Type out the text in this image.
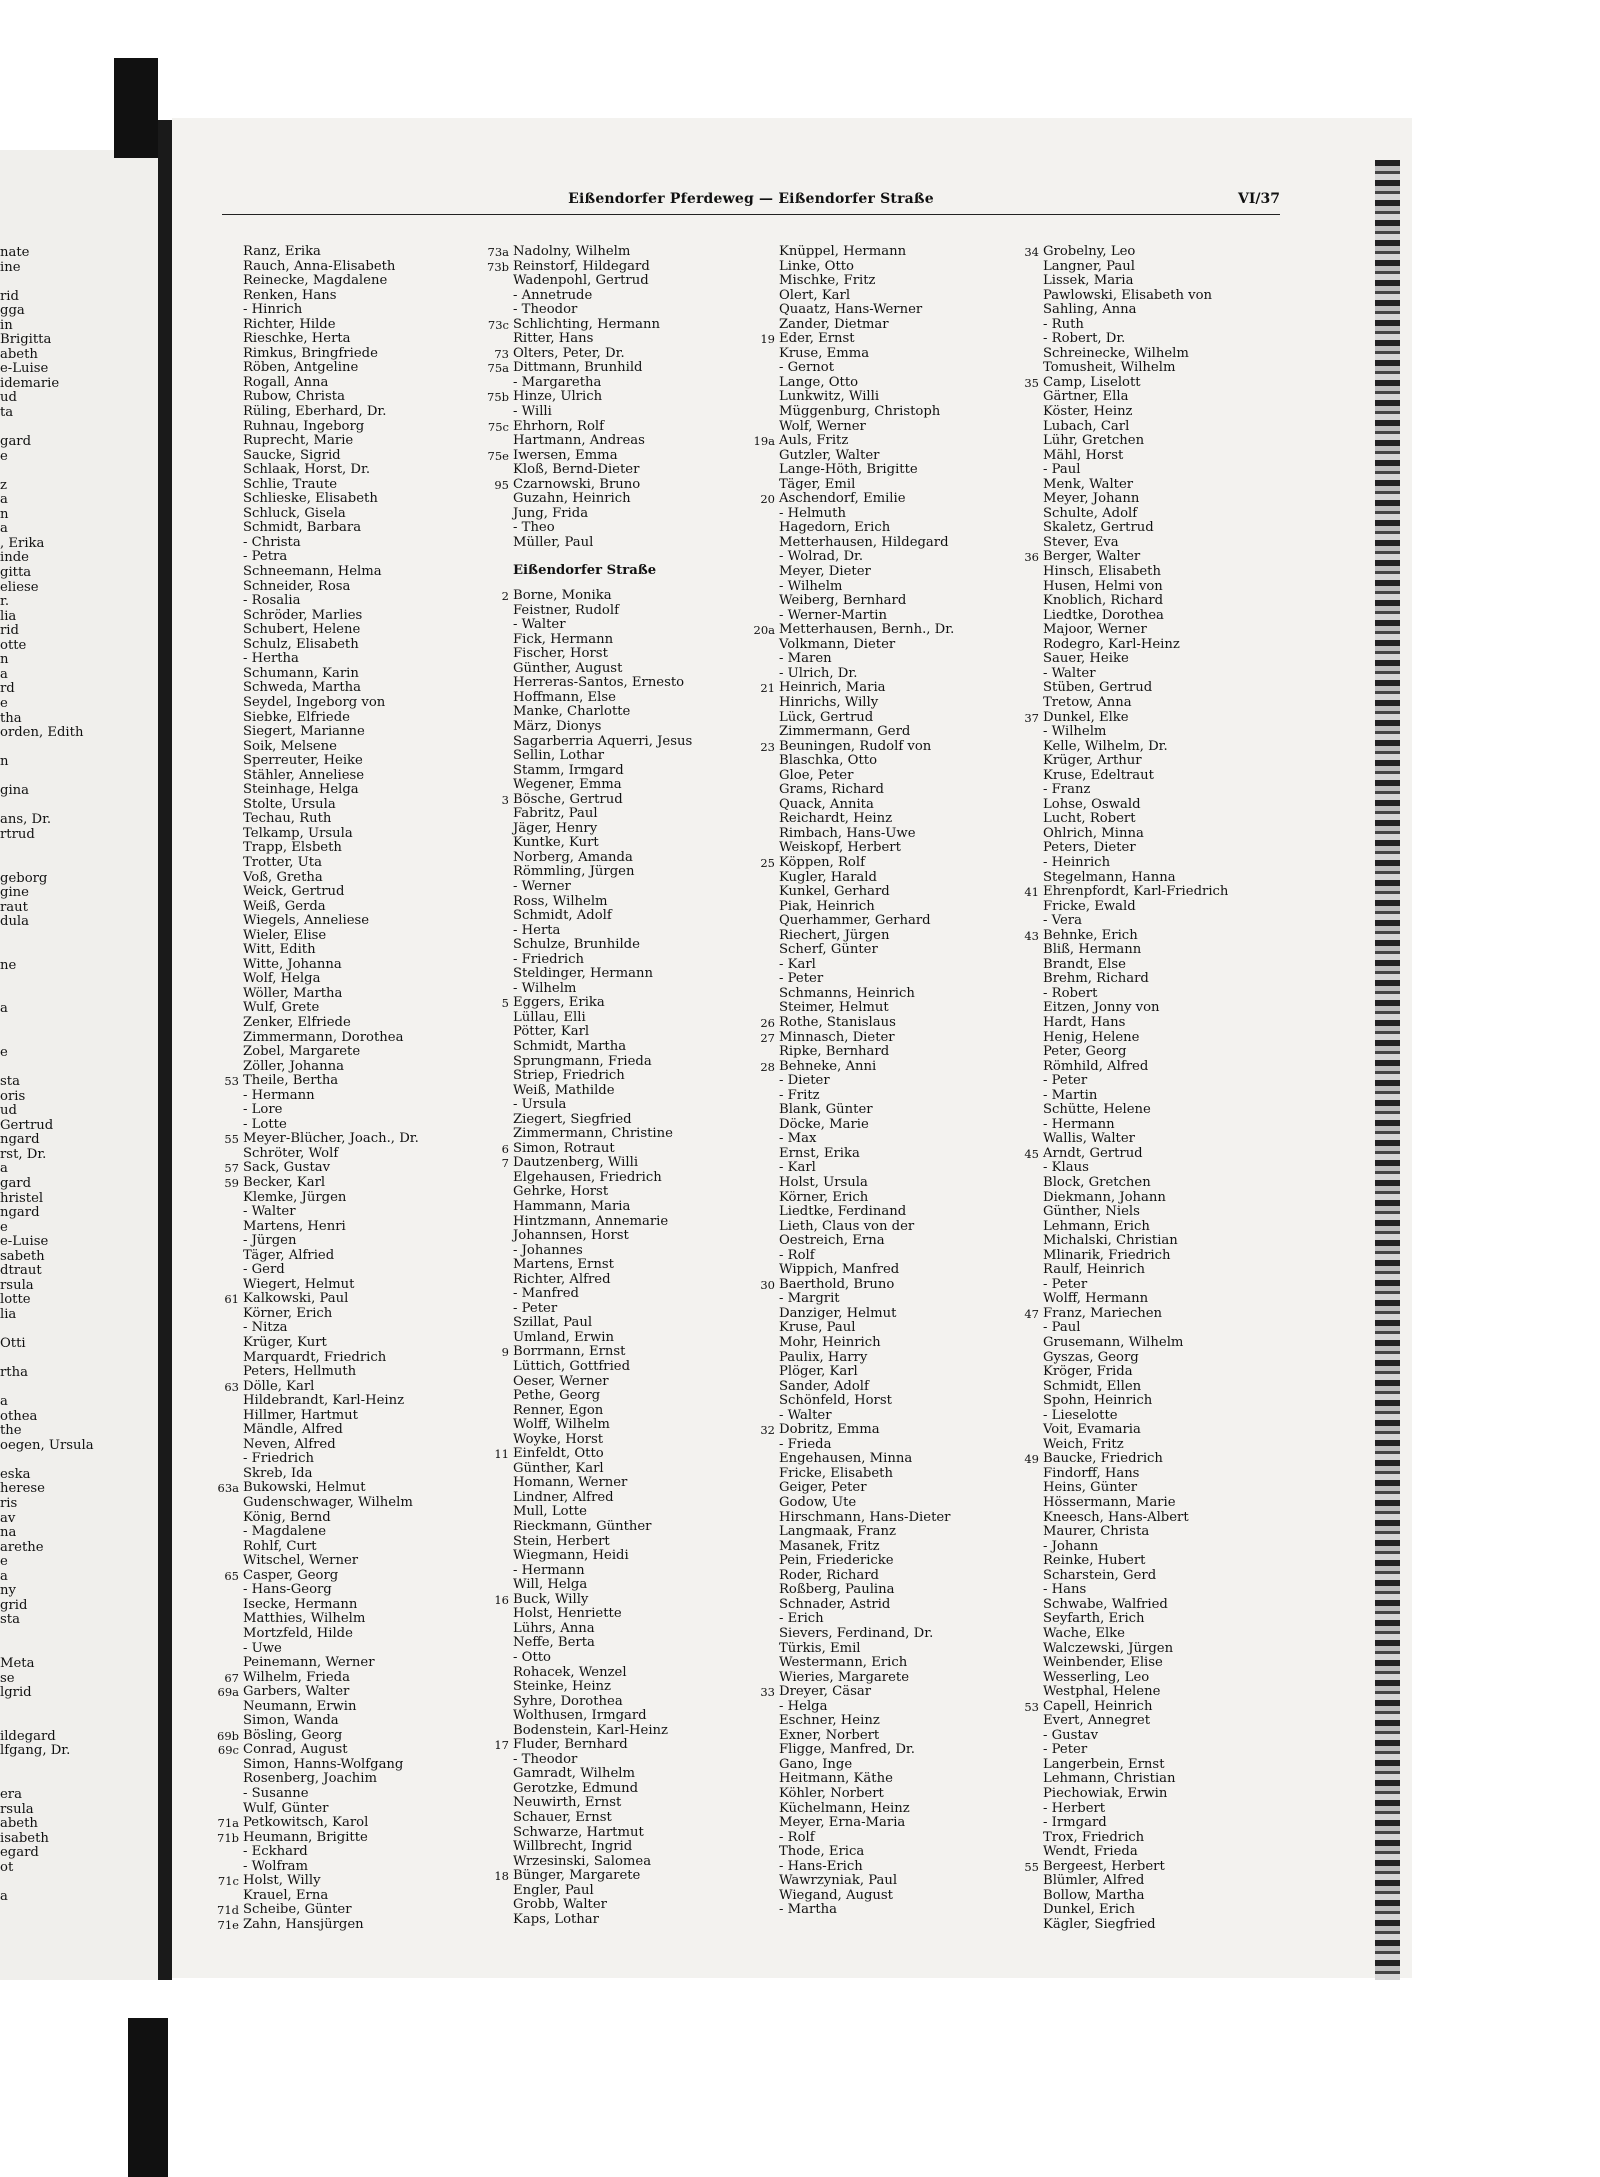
nate
ine

rid
gga
in
Brigitta
abeth
e-Luise
idemarie
ud
ta

gard
e

z
a
n
a
, Erika
inde
gitta
eliese
r.
lia
rid
otte
n
a
rd
e
tha
orden, Edith

n

gina

ans, Dr.
rtrud

geborg
gine
raut
dula

ne

a

e

sta
oris
ud
Gertrud
ngard
rst, Dr.
a
gard
hristel
ngard
e
e-Luise
sabeth
dtraut
rsula
lotte
lia

Otti

rtha

a
othea
the
oegen, Ursula

eska
herese
ris
av
na
arethe
e
a
ny
grid
sta

Meta
se
lgrid

ildegard
lfgang, Dr.

era
rsula
abeth
isabeth
egard
ot

a
Eißendorfer Pferdeweg — Eißendorfer Straße	VI/37
Ranz, Erika
Rauch, Anna-Elisabeth
Reinecke, Magdalene
Renken, Hans
- Hinrich
Richter, Hilde
Rieschke, Herta
Rimkus, Bringfriede
Röben, Antgeline
Rogall, Anna
Rubow, Christa
Rüling, Eberhard, Dr.
Ruhnau, Ingeborg
Ruprecht, Marie
Saucke, Sigrid
Schlaak, Horst, Dr.
Schlie, Traute
Schlieske, Elisabeth
Schluck, Gisela
Schmidt, Barbara
- Christa
- Petra
Schneemann, Helma
Schneider, Rosa
- Rosalia
Schröder, Marlies
Schubert, Helene
Schulz, Elisabeth
- Hertha
Schumann, Karin
Schweda, Martha
Seydel, Ingeborg von
Siebke, Elfriede
Siegert, Marianne
Soik, Melsene
Sperreuter, Heike
Stähler, Anneliese
Steinhage, Helga
Stolte, Ursula
Techau, Ruth
Telkamp, Ursula
Trapp, Elsbeth
Trotter, Uta
Voß, Gretha
Weick, Gertrud
Weiß, Gerda
Wiegels, Anneliese
Wieler, Elise
Witt, Edith
Witte, Johanna
Wolf, Helga
Wöller, Martha
Wulf, Grete
Zenker, Elfriede
Zimmermann, Dorothea
Zobel, Margarete
Zöller, Johanna
53 Theile, Bertha
- Hermann
- Lore
- Lotte
55 Meyer-Blücher, Joach., Dr.
Schröter, Wolf
57 Sack, Gustav
59 Becker, Karl
Klemke, Jürgen
- Walter
Martens, Henri
- Jürgen
Täger, Alfried
- Gerd
Wiegert, Helmut
61 Kalkowski, Paul
Körner, Erich
- Nitza
Krüger, Kurt
Marquardt, Friedrich
Peters, Hellmuth
63 Dölle, Karl
Hildebrandt, Karl-Heinz
Hillmer, Hartmut
Mändle, Alfred
Neven, Alfred
- Friedrich
Skreb, Ida
63a Bukowski, Helmut
Gudenschwager, Wilhelm
König, Bernd
- Magdalene
Rohlf, Curt
Witschel, Werner
65 Casper, Georg
- Hans-Georg
Isecke, Hermann
Matthies, Wilhelm
Mortzfeld, Hilde
- Uwe
Peinemann, Werner
67 Wilhelm, Frieda
69a Garbers, Walter
Neumann, Erwin
Simon, Wanda
69b Bösling, Georg
69c Conrad, August
Simon, Hanns-Wolfgang
Rosenberg, Joachim
- Susanne
Wulf, Günter
71a Petkowitsch, Karol
71b Heumann, Brigitte
- Eckhard
- Wolfram
71c Holst, Willy
Krauel, Erna
71d Scheibe, Günter
71e Zahn, Hansjürgen
73a Nadolny, Wilhelm
73b Reinstorf, Hildegard
Wadenpohl, Gertrud
- Annetrude
- Theodor
73c Schlichting, Hermann
Ritter, Hans
73 Olters, Peter, Dr.
75a Dittmann, Brunhild
- Margaretha
75b Hinze, Ulrich
- Willi
75c Ehrhorn, Rolf
Hartmann, Andreas
75e Iwersen, Emma
Kloß, Bernd-Dieter
95 Czarnowski, Bruno
Guzahn, Heinrich
Jung, Frida
- Theo
Müller, Paul
Eißendorfer Straße
2 Borne, Monika
Feistner, Rudolf
- Walter
Fick, Hermann
Fischer, Horst
Günther, August
Herreras-Santos, Ernesto
Hoffmann, Else
Manke, Charlotte
März, Dionys
Sagarberria Aquerri, Jesus
Sellin, Lothar
Stamm, Irmgard
Wegener, Emma
3 Bösche, Gertrud
Fabritz, Paul
Jäger, Henry
Kuntke, Kurt
Norberg, Amanda
Römmling, Jürgen
- Werner
Ross, Wilhelm
Schmidt, Adolf
- Herta
Schulze, Brunhilde
- Friedrich
Steldinger, Hermann
- Wilhelm
5 Eggers, Erika
Lüllau, Elli
Pötter, Karl
Schmidt, Martha
Sprungmann, Frieda
Striep, Friedrich
Weiß, Mathilde
- Ursula
Ziegert, Siegfried
Zimmermann, Christine
6 Simon, Rotraut
7 Dautzenberg, Willi
Elgehausen, Friedrich
Gehrke, Horst
Hammann, Maria
Hintzmann, Annemarie
Johannsen, Horst
- Johannes
Martens, Ernst
Richter, Alfred
- Manfred
- Peter
Szillat, Paul
Umland, Erwin
9 Borrmann, Ernst
Lüttich, Gottfried
Oeser, Werner
Pethe, Georg
Renner, Egon
Wolff, Wilhelm
Woyke, Horst
11 Einfeldt, Otto
Günther, Karl
Homann, Werner
Lindner, Alfred
Mull, Lotte
Rieckmann, Günther
Stein, Herbert
Wiegmann, Heidi
- Hermann
Will, Helga
16 Buck, Willy
Holst, Henriette
Lührs, Anna
Neffe, Berta
- Otto
Rohacek, Wenzel
Steinke, Heinz
Syhre, Dorothea
Wolthusen, Irmgard
Bodenstein, Karl-Heinz
17 Fluder, Bernhard
- Theodor
Gamradt, Wilhelm
Gerotzke, Edmund
Neuwirth, Ernst
Schauer, Ernst
Schwarze, Hartmut
Willbrecht, Ingrid
Wrzesinski, Salomea
18 Bünger, Margarete
Engler, Paul
Grobb, Walter
Kaps, Lothar
Knüppel, Hermann
Linke, Otto
Mischke, Fritz
Olert, Karl
Quaatz, Hans-Werner
Zander, Dietmar
19 Eder, Ernst
Kruse, Emma
- Gernot
Lange, Otto
Lunkwitz, Willi
Müggenburg, Christoph
Wolf, Werner
19a Auls, Fritz
Gutzler, Walter
Lange-Höth, Brigitte
Täger, Emil
20 Aschendorf, Emilie
- Helmuth
Hagedorn, Erich
Metterhausen, Hildegard
- Wolrad, Dr.
Meyer, Dieter
- Wilhelm
Weiberg, Bernhard
- Werner-Martin
20a Metterhausen, Bernh., Dr.
Volkmann, Dieter
- Maren
- Ulrich, Dr.
21 Heinrich, Maria
Hinrichs, Willy
Lück, Gertrud
Zimmermann, Gerd
23 Beuningen, Rudolf von
Blaschka, Otto
Gloe, Peter
Grams, Richard
Quack, Annita
Reichardt, Heinz
Rimbach, Hans-Uwe
Weiskopf, Herbert
25 Köppen, Rolf
Kugler, Harald
Kunkel, Gerhard
Piak, Heinrich
Querhammer, Gerhard
Riechert, Jürgen
Scherf, Günter
- Karl
- Peter
Schmanns, Heinrich
Steimer, Helmut
26 Rothe, Stanislaus
27 Minnasch, Dieter
Ripke, Bernhard
28 Behneke, Anni
- Dieter
- Fritz
Blank, Günter
Döcke, Marie
- Max
Ernst, Erika
- Karl
Holst, Ursula
Körner, Erich
Liedtke, Ferdinand
Lieth, Claus von der
Oestreich, Erna
- Rolf
Wippich, Manfred
30 Baerthold, Bruno
- Margrit
Danziger, Helmut
Kruse, Paul
Mohr, Heinrich
Paulix, Harry
Plöger, Karl
Sander, Adolf
Schönfeld, Horst
- Walter
32 Dobritz, Emma
- Frieda
Engehausen, Minna
Fricke, Elisabeth
Geiger, Peter
Godow, Ute
Hirschmann, Hans-Dieter
Langmaak, Franz
Masanek, Fritz
Pein, Friedericke
Roder, Richard
Roßberg, Paulina
Schnader, Astrid
- Erich
Sievers, Ferdinand, Dr.
Türkis, Emil
Westermann, Erich
Wieries, Margarete
33 Dreyer, Cäsar
- Helga
Eschner, Heinz
Exner, Norbert
Fligge, Manfred, Dr.
Gano, Inge
Heitmann, Käthe
Köhler, Norbert
Küchelmann, Heinz
Meyer, Erna-Maria
- Rolf
Thode, Erica
- Hans-Erich
Wawrzyniak, Paul
Wiegand, August
- Martha
34 Grobelny, Leo
Langner, Paul
Lissek, Maria
Pawlowski, Elisabeth von
Sahling, Anna
- Ruth
- Robert, Dr.
Schreinecke, Wilhelm
Tomusheit, Wilhelm
35 Camp, Liselott
Gärtner, Ella
Köster, Heinz
Lubach, Carl
Lühr, Gretchen
Mähl, Horst
- Paul
Menk, Walter
Meyer, Johann
Schulte, Adolf
Skaletz, Gertrud
Stever, Eva
36 Berger, Walter
Hinsch, Elisabeth
Husen, Helmi von
Knoblich, Richard
Liedtke, Dorothea
Majoor, Werner
Rodegro, Karl-Heinz
Sauer, Heike
- Walter
Stüben, Gertrud
Tretow, Anna
37 Dunkel, Elke
- Wilhelm
Kelle, Wilhelm, Dr.
Krüger, Arthur
Kruse, Edeltraut
- Franz
Lohse, Oswald
Lucht, Robert
Ohlrich, Minna
Peters, Dieter
- Heinrich
Stegelmann, Hanna
41 Ehrenpfordt, Karl-Friedrich
Fricke, Ewald
- Vera
43 Behnke, Erich
Bliß, Hermann
Brandt, Else
Brehm, Richard
- Robert
Eitzen, Jonny von
Hardt, Hans
Henig, Helene
Peter, Georg
Römhild, Alfred
- Peter
- Martin
Schütte, Helene
- Hermann
Wallis, Walter
45 Arndt, Gertrud
- Klaus
Block, Gretchen
Diekmann, Johann
Günther, Niels
Lehmann, Erich
Michalski, Christian
Mlinarik, Friedrich
Raulf, Heinrich
- Peter
Wolff, Hermann
47 Franz, Mariechen
- Paul
Grusemann, Wilhelm
Gyszas, Georg
Kröger, Frida
Schmidt, Ellen
Spohn, Heinrich
- Lieselotte
Voit, Evamaria
Weich, Fritz
49 Baucke, Friedrich
Findorff, Hans
Heins, Günter
Hössermann, Marie
Kneesch, Hans-Albert
Maurer, Christa
- Johann
Reinke, Hubert
Scharstein, Gerd
- Hans
Schwabe, Walfried
Seyfarth, Erich
Wache, Elke
Walczewski, Jürgen
Weinbender, Elise
Wesserling, Leo
Westphal, Helene
53 Capell, Heinrich
Evert, Annegret
- Gustav
- Peter
Langerbein, Ernst
Lehmann, Christian
Piechowiak, Erwin
- Herbert
- Irmgard
Trox, Friedrich
Wendt, Frieda
55 Bergeest, Herbert
Blümler, Alfred
Bollow, Martha
Dunkel, Erich
Kägler, Siegfried
